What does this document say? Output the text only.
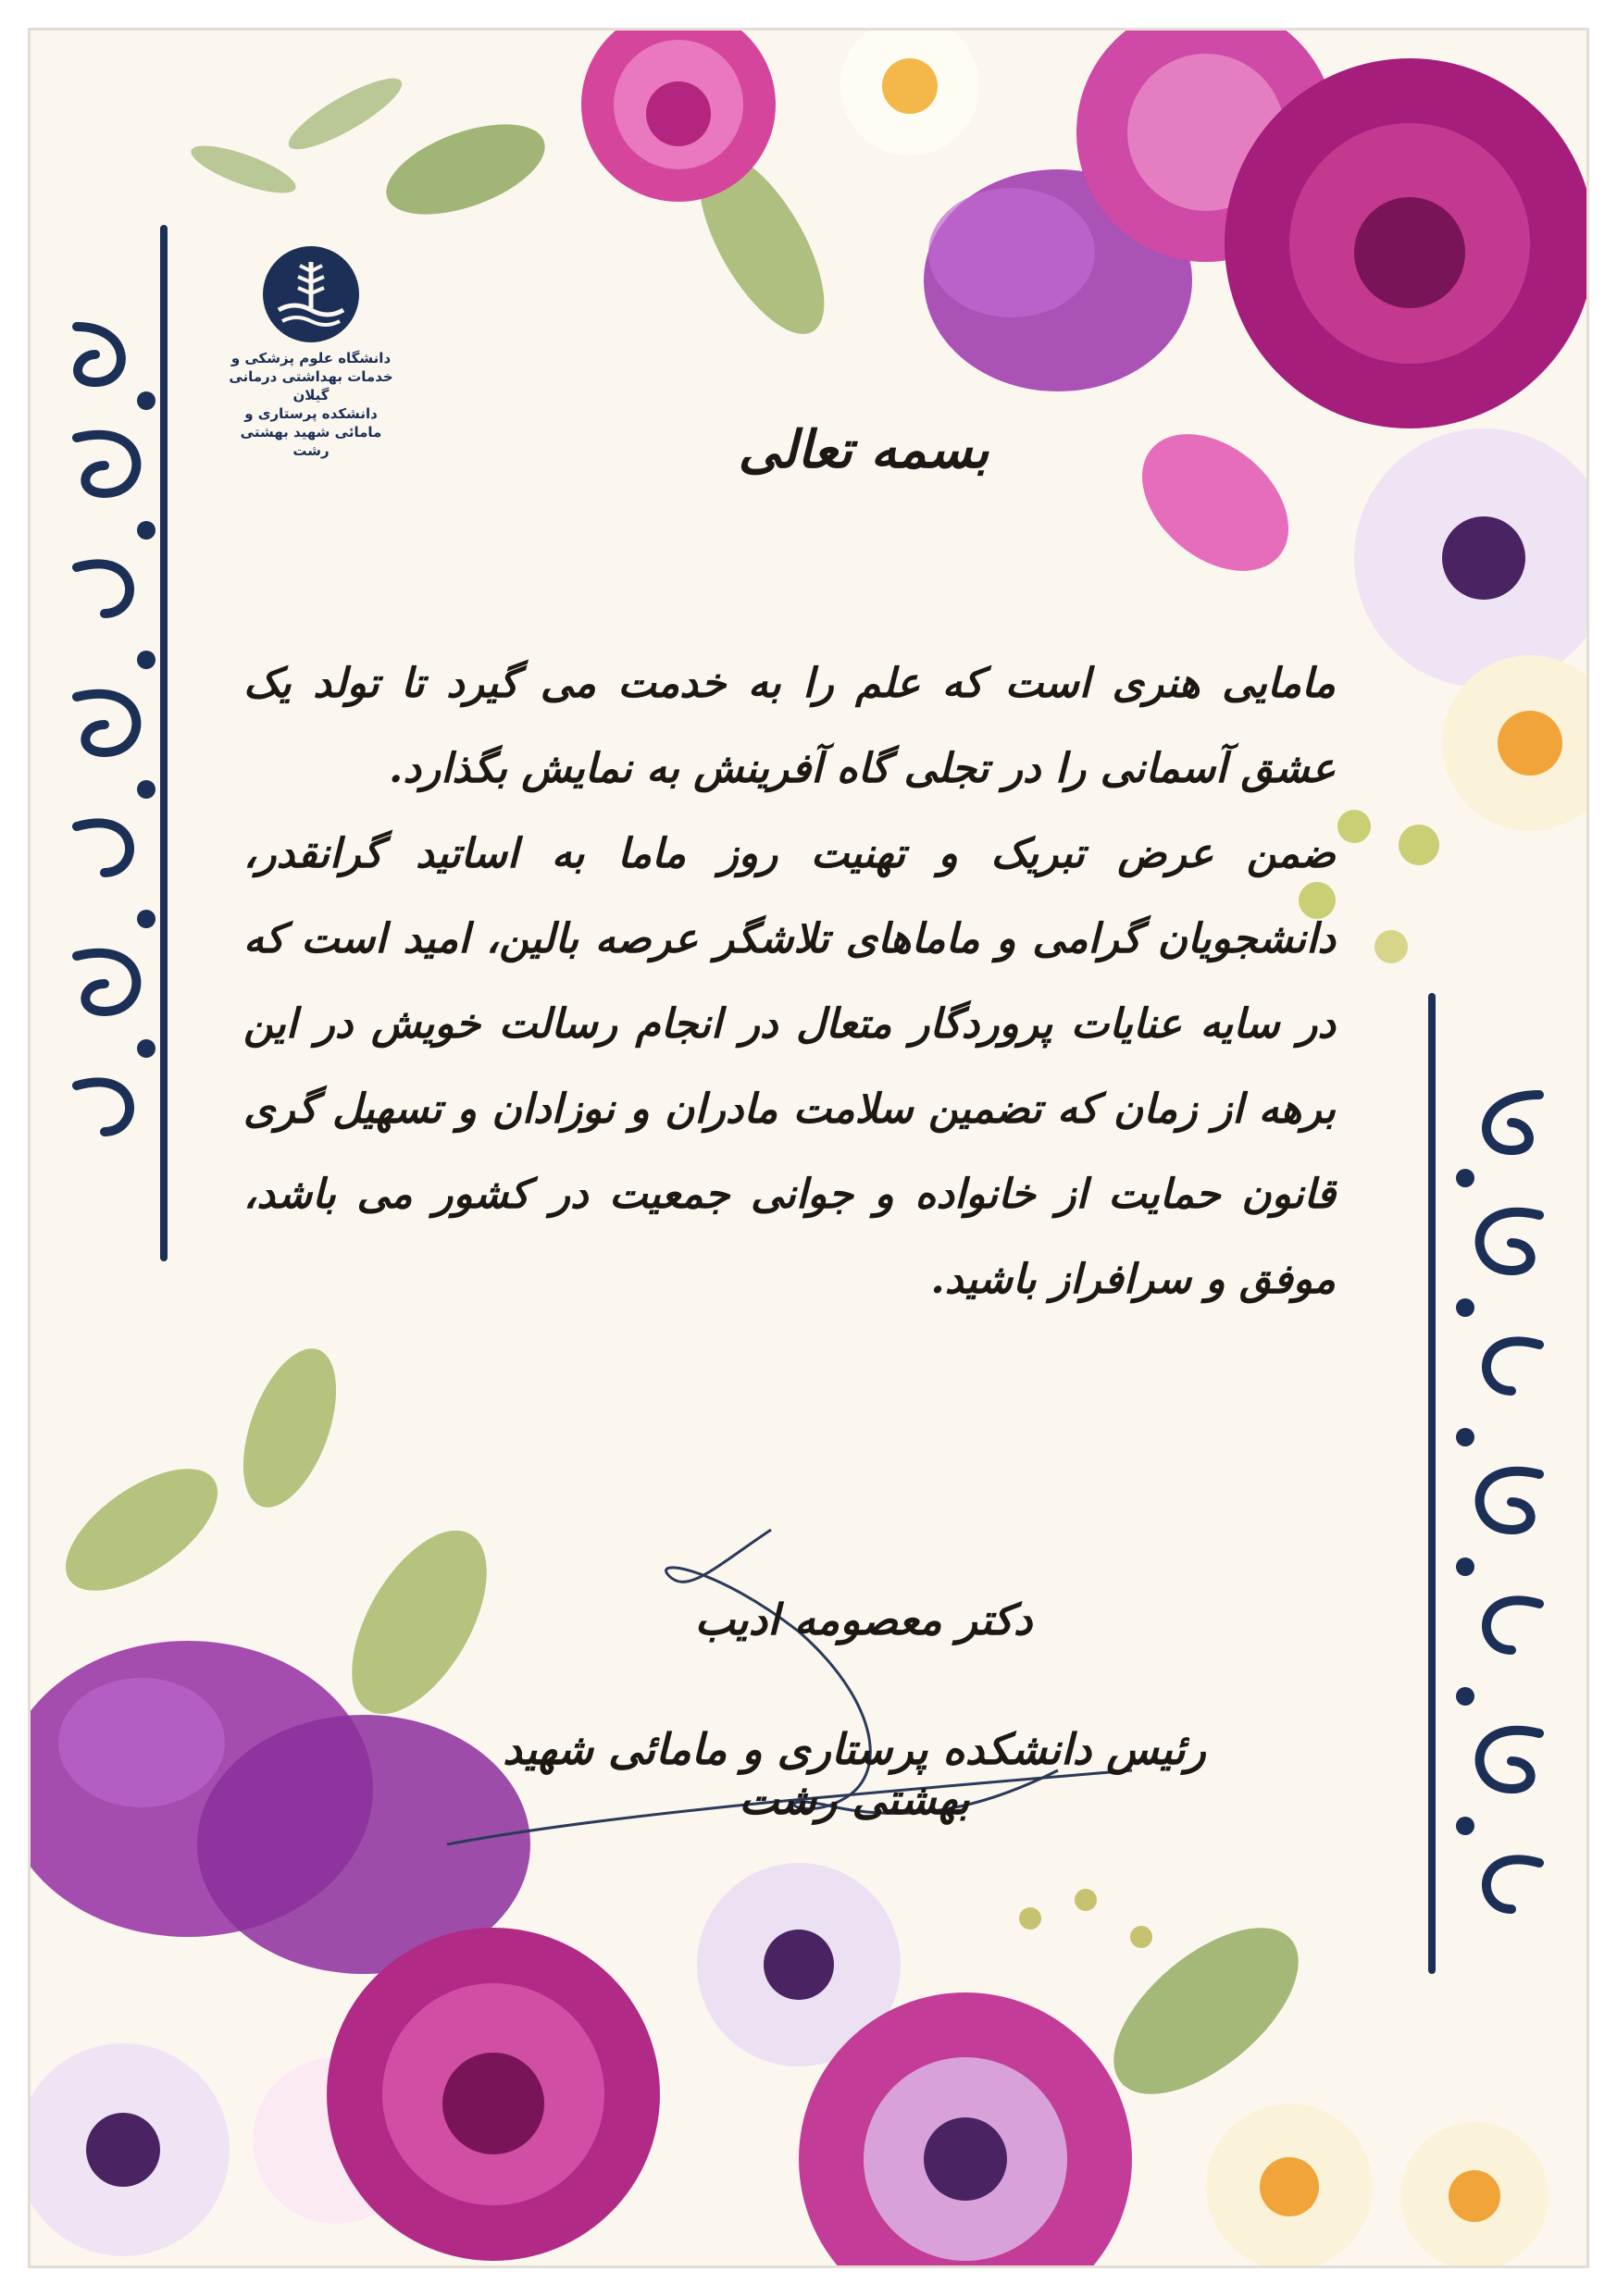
دانشگاه علوم پزشکی و خدمات بهداشتی درمانی گیلان
دانشکده پرستاری و مامائی شهید بهشتی رشت	بسمه تعالی

مامایی هنری است که علم را به خدمت می گیرد تا تولد یک عشق آسمانی را در تجلی گاه آفرینش به نمایش بگذارد.

ضمن عرض تبریک و تهنیت روز ماما به اساتید گرانقدر، دانشجویان گرامی و ماماهای تلاشگر عرصه بالین، امید است که در سایه عنایات پروردگار متعال در انجام رسالت خویش در این برهه از زمان که تضمین سلامت مادران و نوزادان و تسهیل گری قانون حمایت از خانواده و جوانی جمعیت در کشور می باشد، موفق و سرافراز باشید.

دکتر معصومه ادیب
رئیس دانشکده پرستاری و مامائی شهید بهشتی رشت
